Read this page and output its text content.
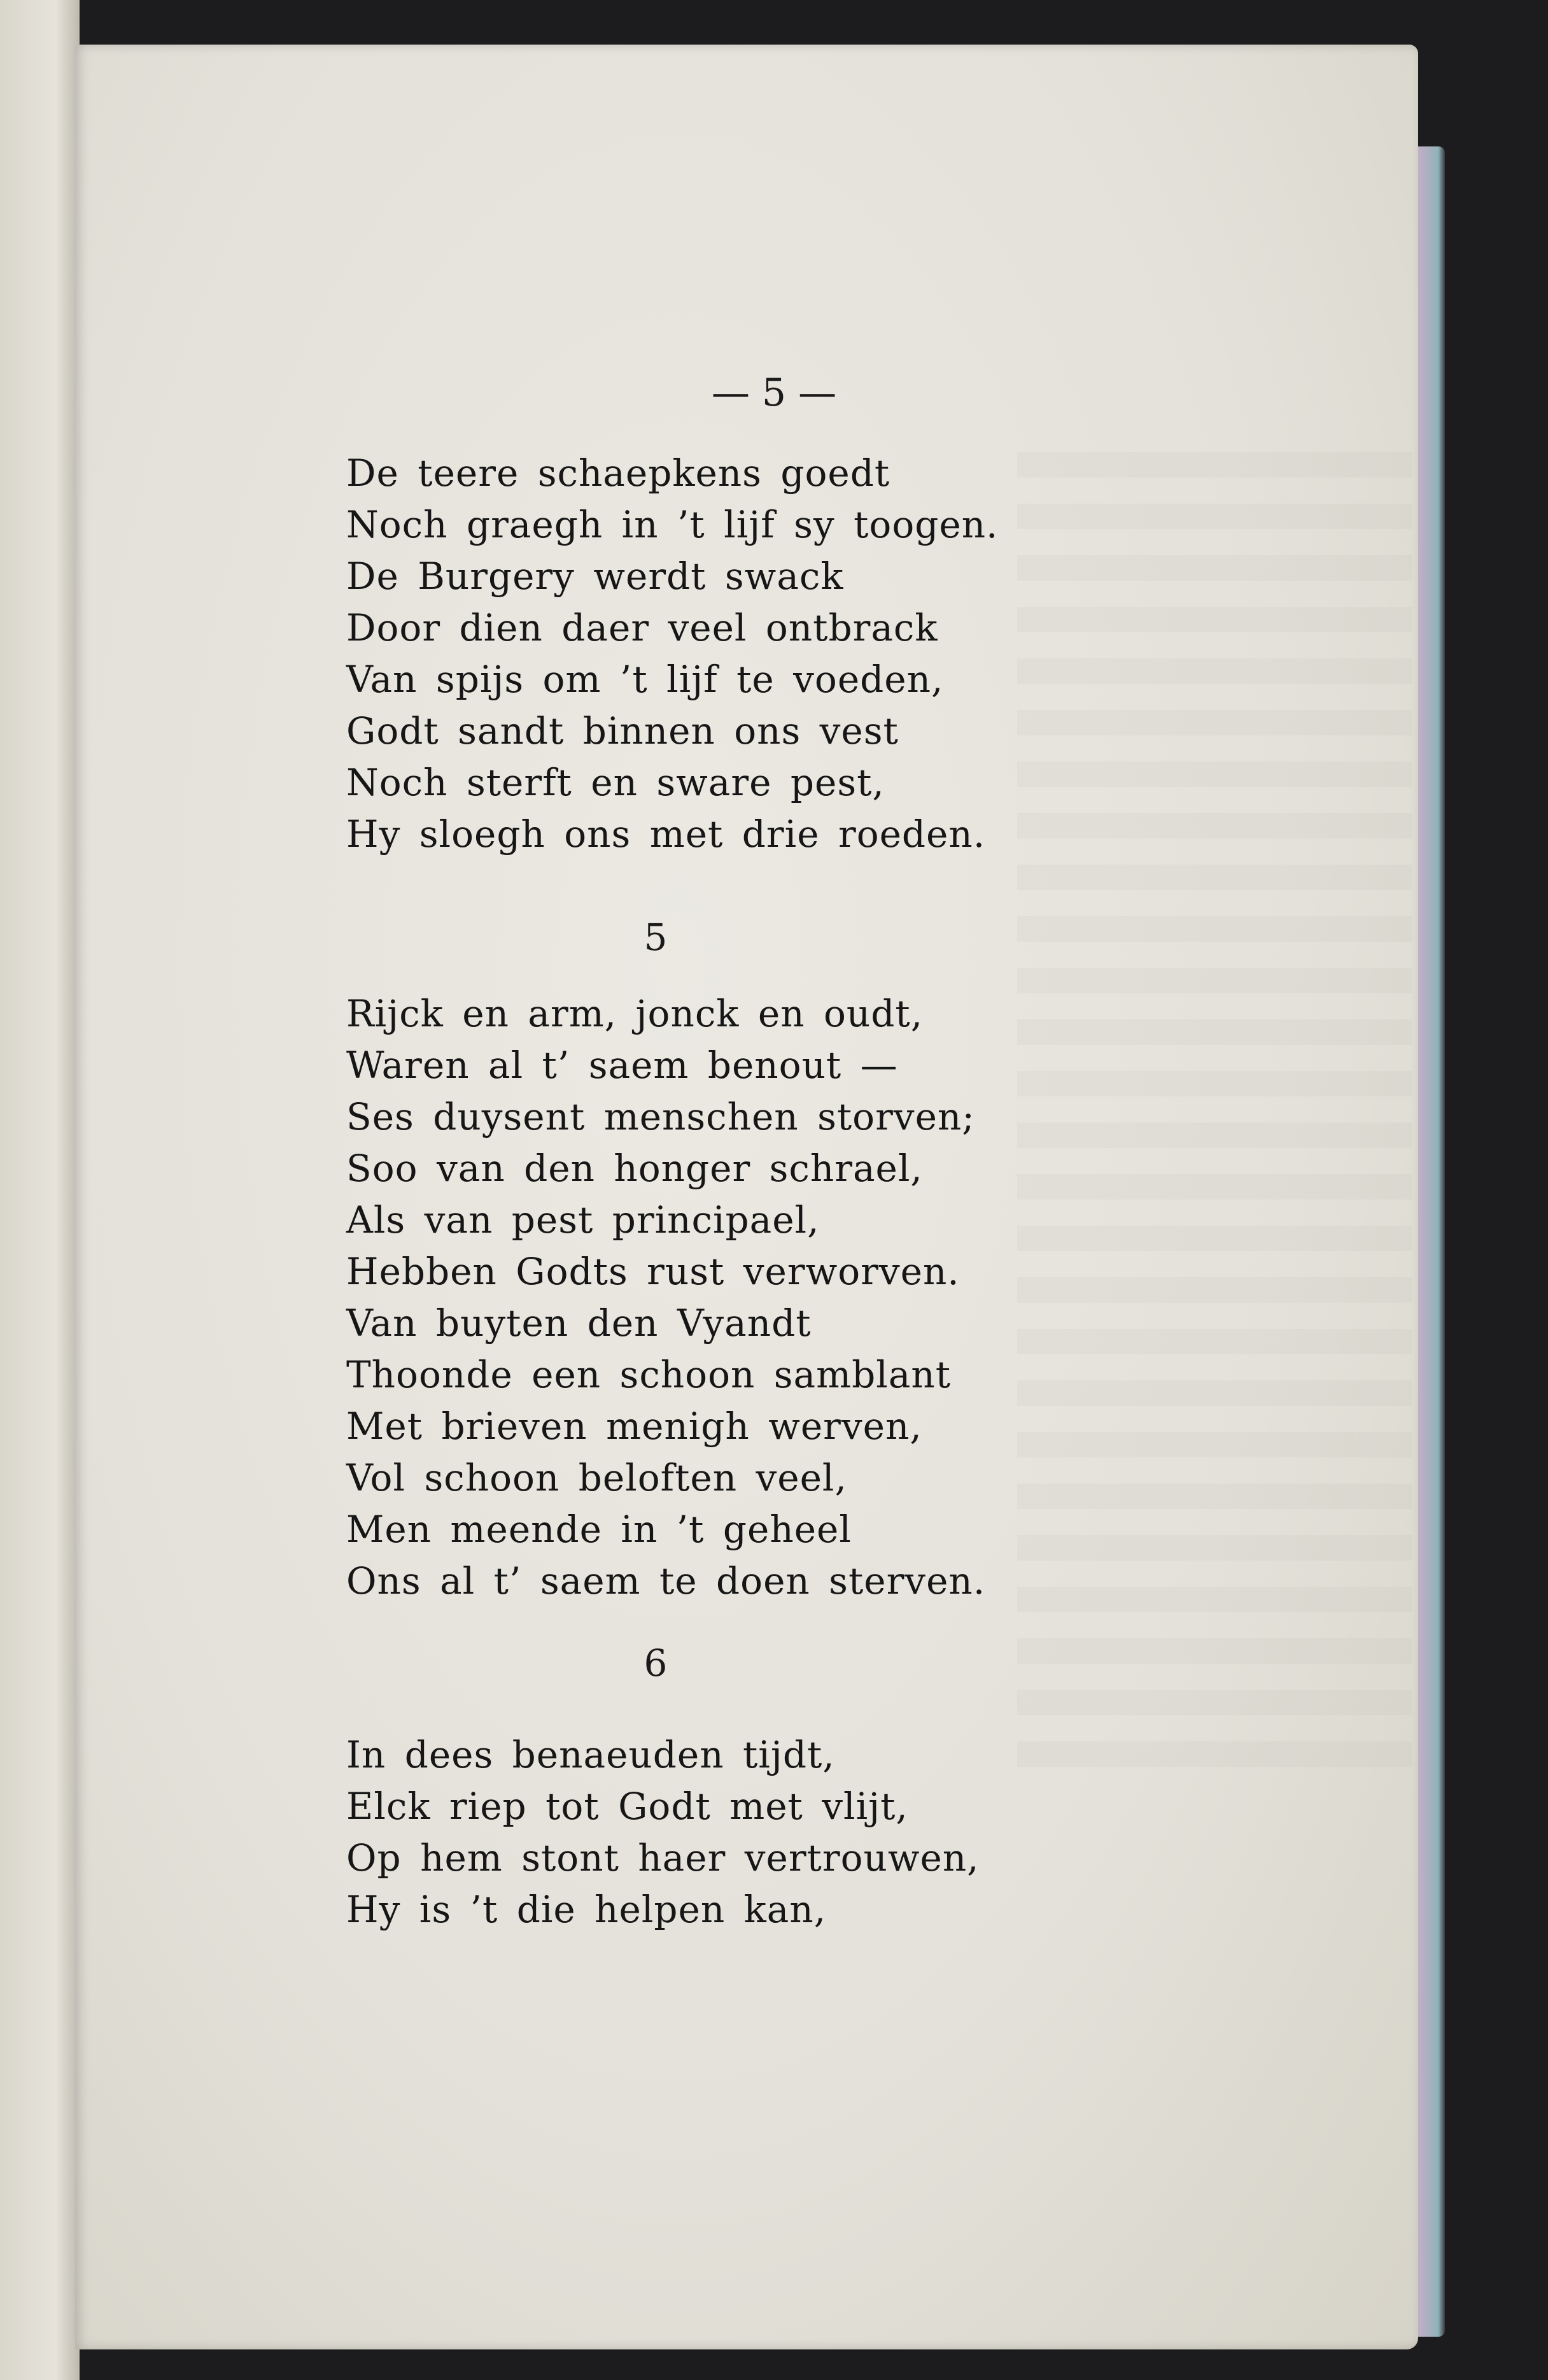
— 5 —
De teere schaepkens goedt
Noch graegh in ’t lijf sy toogen.
De Burgery werdt swack
Door dien daer veel ontbrack
Van spijs om ’t lijf te voeden,
Godt sandt binnen ons vest
Noch sterft en sware pest,
Hy sloegh ons met drie roeden.
5
Rijck en arm, jonck en oudt,
Waren al t’ saem benout —
Ses duysent menschen storven;
Soo van den honger schrael,
Als van pest principael,
Hebben Godts rust verworven.
Van buyten den Vyandt
Thoonde een schoon samblant
Met brieven menigh werven,
Vol schoon beloften veel,
Men meende in ’t geheel
Ons al t’ saem te doen sterven.
6
In dees benaeuden tijdt,
Elck riep tot Godt met vlijt,
Op hem stont haer vertrouwen,
Hy is ’t die helpen kan,
